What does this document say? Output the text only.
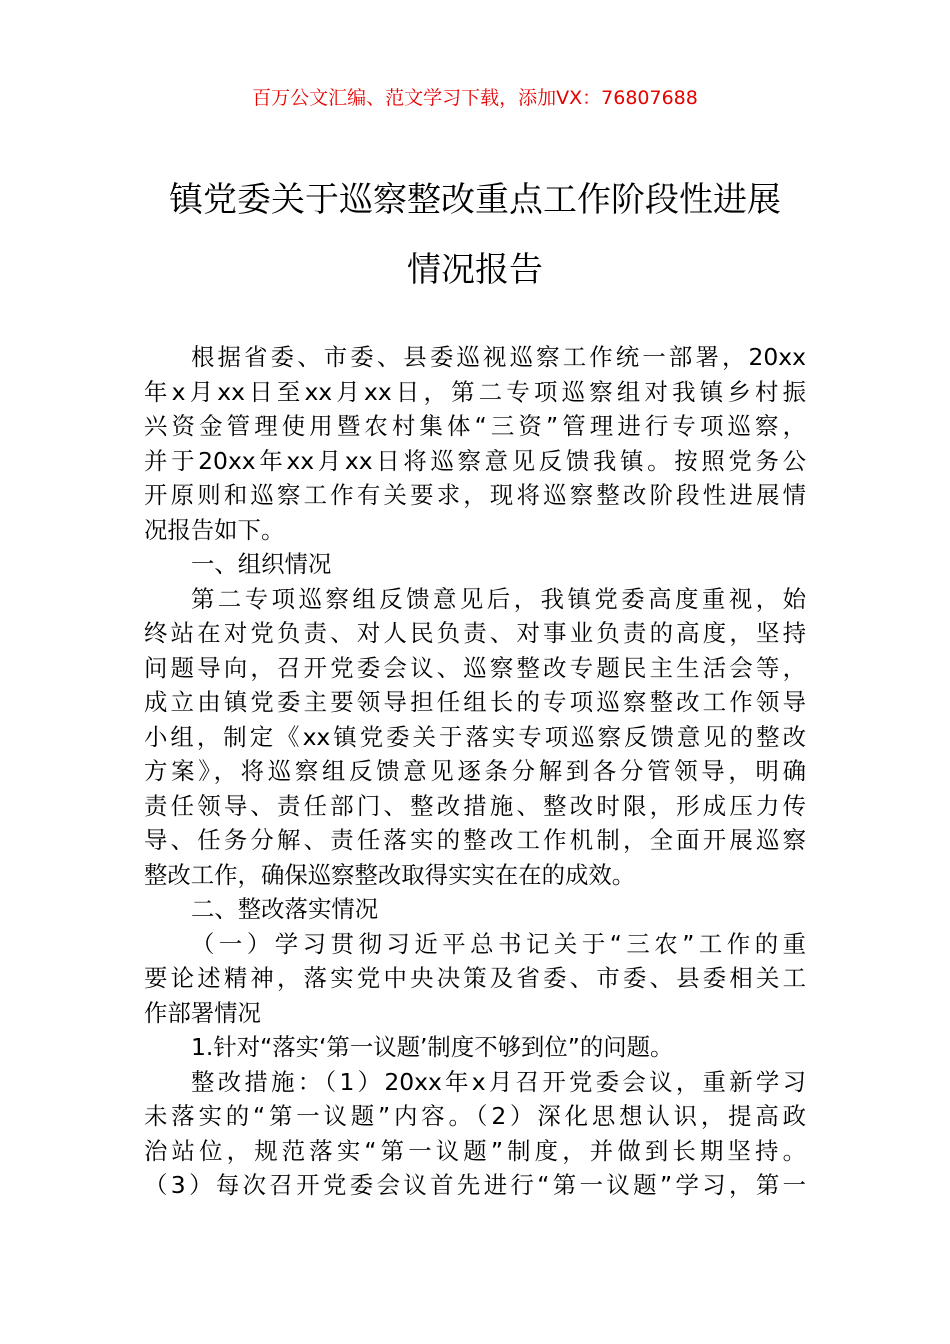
百万公文汇编、范文学习下载，添加VX：76807688
镇党委关于巡察整改重点工作阶段性进展
情况报告
根据省委、市委、县委巡视巡察工作统一部署，20xx
年x月xx日至xx月xx日，第二专项巡察组对我镇乡村振
兴资金管理使用暨农村集体“三资”管理进行专项巡察，
并于20xx年xx月xx日将巡察意见反馈我镇。按照党务公
开原则和巡察工作有关要求，现将巡察整改阶段性进展情
况报告如下。
一、组织情况
第二专项巡察组反馈意见后，我镇党委高度重视，始
终站在对党负责、对人民负责、对事业负责的高度，坚持
问题导向，召开党委会议、巡察整改专题民主生活会等，
成立由镇党委主要领导担任组长的专项巡察整改工作领导
小组，制定《xx镇党委关于落实专项巡察反馈意见的整改
方案》，将巡察组反馈意见逐条分解到各分管领导，明确
责任领导、责任部门、整改措施、整改时限，形成压力传
导、任务分解、责任落实的整改工作机制，全面开展巡察
整改工作，确保巡察整改取得实实在在的成效。
二、整改落实情况
（一）学习贯彻习近平总书记关于“三农”工作的重
要论述精神，落实党中央决策及省委、市委、县委相关工
作部署情况
1.针对“落实‘第一议题’制度不够到位”的问题。
整改措施：（1）20xx年x月召开党委会议，重新学习
未落实的“第一议题”内容。（2）深化思想认识，提高政
治站位，规范落实“第一议题”制度，并做到长期坚持。
（3）每次召开党委会议首先进行“第一议题”学习，第一
